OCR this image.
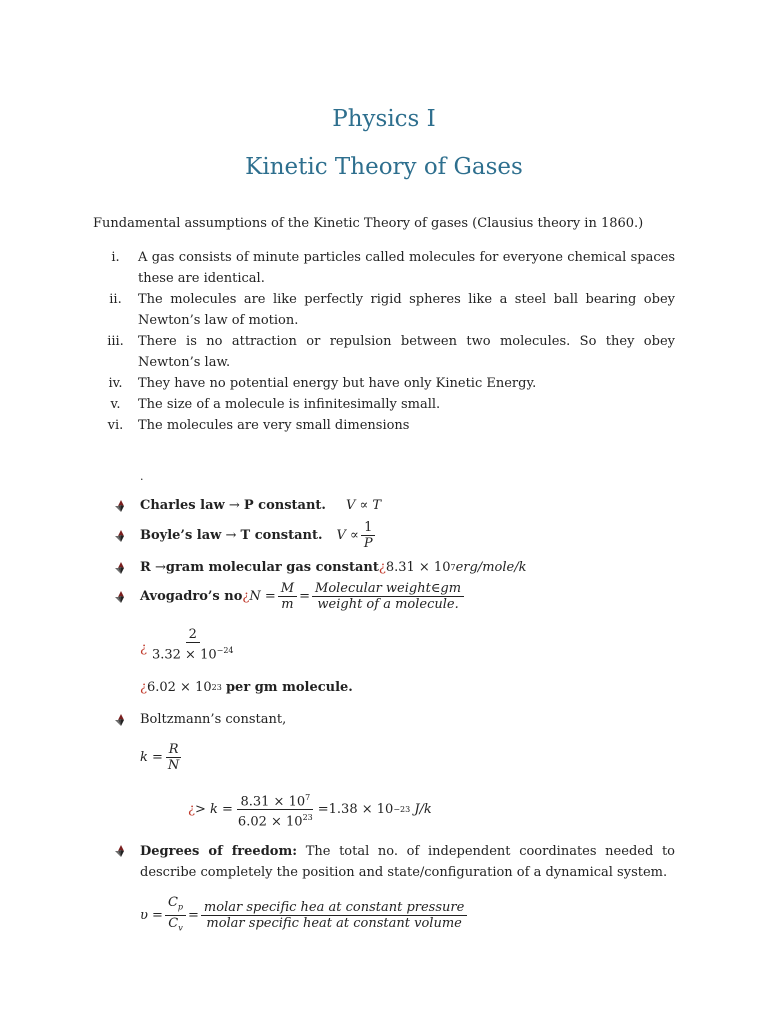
Physics I
Kinetic Theory of Gases
Fundamental assumptions of the Kinetic Theory of gases (Clausius theory in 1860.)
i.	A gas consists of minute particles called molecules for everyone chemical spaces these are identical.
ii.	The molecules are like perfectly rigid spheres like a steel ball bearing obey Newton’s law of motion.
iii.	There is no attraction or repulsion between two molecules. So they obey Newton’s law.
iv.	They have no potential energy but have only Kinetic Energy.
v.	The size of a molecule is infinitesimally small.
vi.	The molecules are very small dimensions
.
Charles law
→
P constant. V ∝ T
Boyle’s law
→
T constant. $V \propto \frac{1}{P}$
R
→ gram molecular gas constant ¿ 8.31 × 10 7 erg/mole/k
Avogadro’s no ¿ $N = \frac{M}{m} = \frac{\text{Molecular weight∈gm}}{\text{weight of a molecule.}}$
¿ $\frac{2}{3.32 \times 10^{-24}}$
¿ 6.02 × 10 23
per gm molecule.
Boltzmann’s constant,
$k = \frac{R}{N}$
¿ > $k = \frac{8.31 \times 10^7}{6.02 \times 10^{23}} =1.38 \times 10 -23$
J/k
Degrees of freedom: The total no. of independent coordinates needed to describe completely the position and state/configuration of a dynamical system.
$\upsilon = \frac{C_p}{C_v} = \frac{\text{molar specific hea at constant pressure}}{\text{molar specific heat at constant volume}}$
